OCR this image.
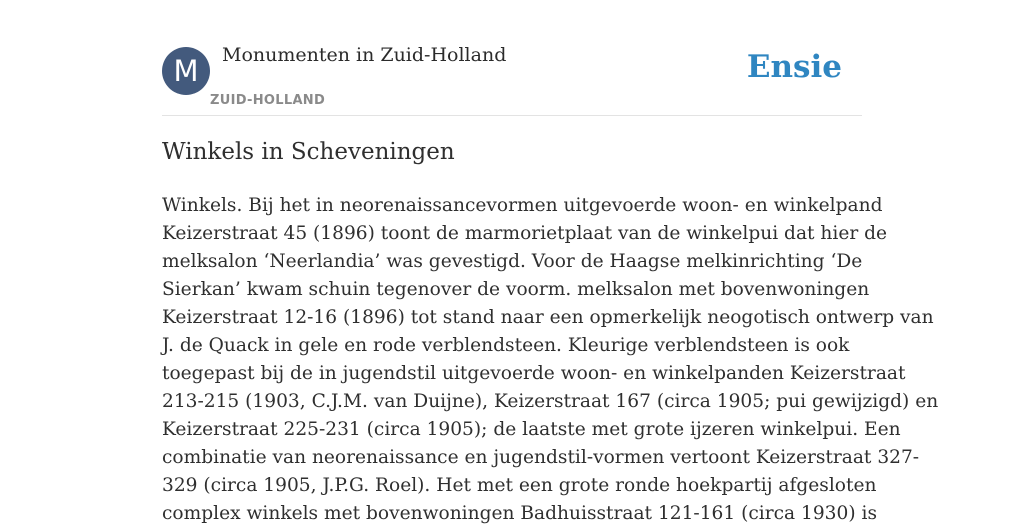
M	Monumenten in Zuid-Holland
ZUID-HOLLAND
Ensie
Winkels in Scheveningen

Winkels. Bij het in neorenaissancevormen uitgevoerde woon- en winkelpand
Keizerstraat 45 (1896) toont de marmorietplaat van de winkelpui dat hier de
melksalon ‘Neerlandia’ was gevestigd. Voor de Haagse melkinrichting ‘De
Sierkan’ kwam schuin tegenover de voorm. melksalon met bovenwoningen
Keizerstraat 12-16 (1896) tot stand naar een opmerkelijk neogotisch ontwerp van
J. de Quack in gele en rode verblendsteen. Kleurige verblendsteen is ook
toegepast bij de in jugendstil uitgevoerde woon- en winkelpanden Keizerstraat
213-215 (1903, C.J.M. van Duijne), Keizerstraat 167 (circa 1905; pui gewijzigd) en
Keizerstraat 225-231 (circa 1905); de laatste met grote ijzeren winkelpui. Een
combinatie van neorenaissance en jugendstil-vormen vertoont Keizerstraat 327-
329 (circa 1905, J.P.G. Roel). Het met een grote ronde hoekpartij afgesloten
complex winkels met bovenwoningen Badhuisstraat 121-161 (circa 1930) is
